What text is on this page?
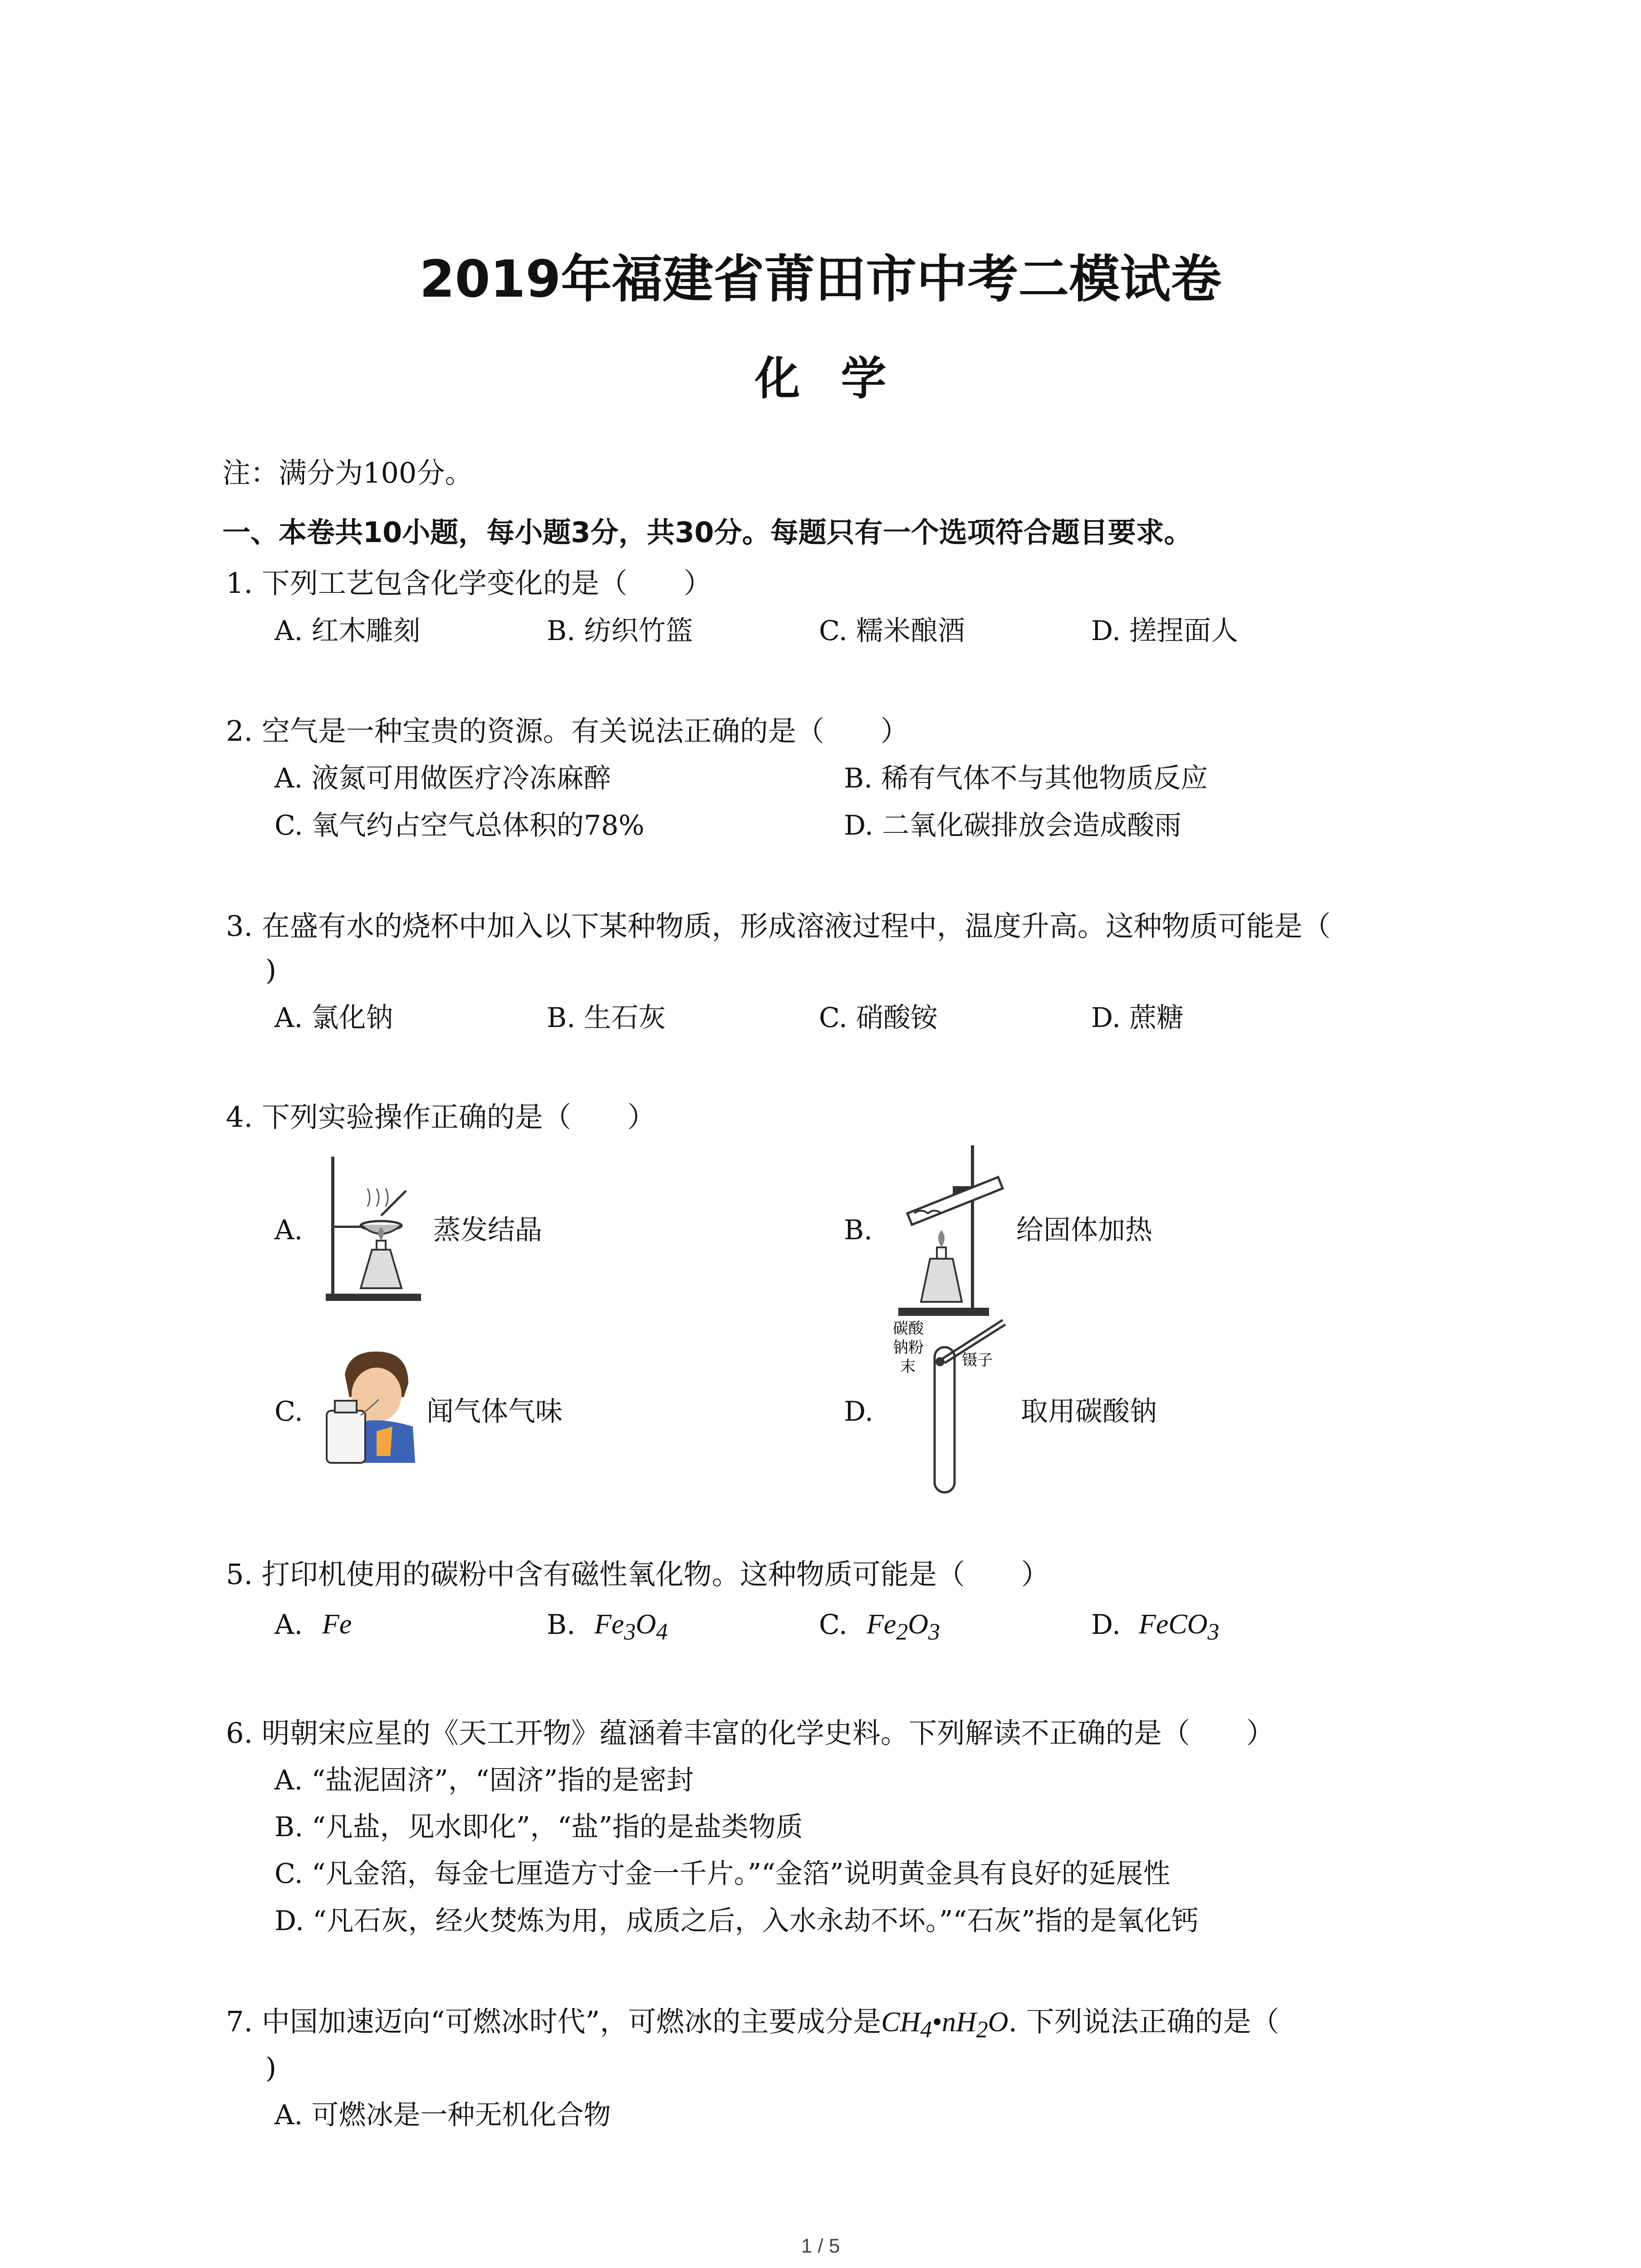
2019年福建省莆田市中考二模试卷
化学
注：满分为100分。
一、本卷共10小题，每小题3分，共30分。每题只有一个选项符合题目要求。
1. 下列工艺包含化学变化的是（　　）
A. 红木雕刻	B. 纺织竹篮	C. 糯米酿酒	D. 搓捏面人
2. 空气是一种宝贵的资源。有关说法正确的是（　　）
A. 液氮可用做医疗冷冻麻醉	B. 稀有气体不与其他物质反应
C. 氧气约占空气总体积的78%	D. 二氧化碳排放会造成酸雨
3. 在盛有水的烧杯中加入以下某种物质，形成溶液过程中，温度升高。这种物质可能是（
)
A. 氯化钠	B. 生石灰	C. 硝酸铵	D. 蔗糖
4. 下列实验操作正确的是（　　）
A.	蒸发结晶	B.	给固体加热
C.	闻气体气味	D.
碳酸
钠粉
末	镊子
取用碳酸钠
5. 打印机使用的碳粉中含有磁性氧化物。这种物质可能是（　　）
A. Fe	B. $Fe_3O_4$	C. $Fe_2O_3$	D. FeCO$_3$
6. 明朝宋应星的《天工开物》蕴涵着丰富的化学史料。下列解读不正确的是（　　）
A. “盐泥固济”，“固济”指的是密封
B. “凡盐，见水即化”，“盐”指的是盐类物质
C. “凡金箔，每金七厘造方寸金一千片。”“金箔”说明黄金具有良好的延展性
D. “凡石灰，经火焚炼为用，成质之后，入水永劫不坏。”“石灰”指的是氧化钙
7. 中国加速迈向“可燃冰时代”，可燃冰的主要成分是$CH_4•nH_2O$. 下列说法正确的是（
)
A. 可燃冰是一种无机化合物
1 / 5
